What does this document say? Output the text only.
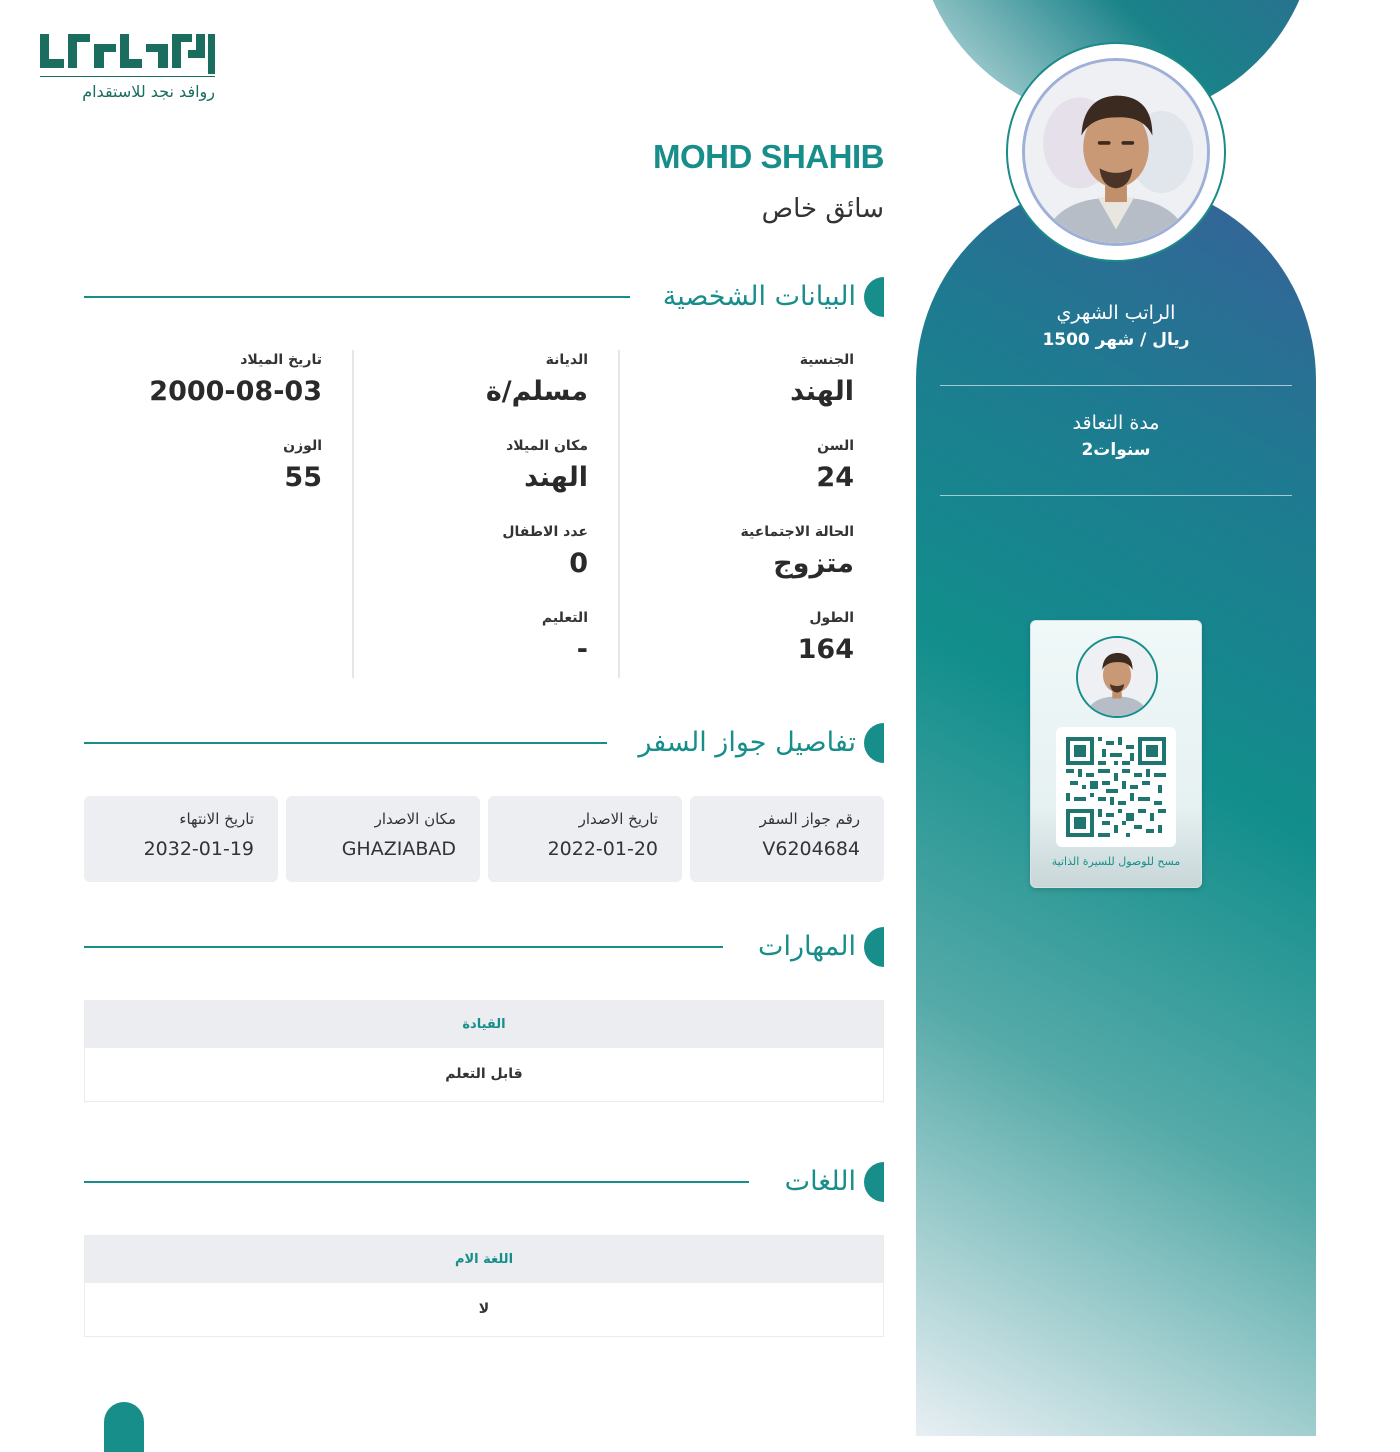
الراتب الشهري
1500 ريال / شهر
مدة التعاقد
2سنوات
مسح للوصول للسيرة الذاتية
روافد نجد للاستقدام
MOHD SHAHIB
سائق خاص
البيانات الشخصية
الجنسية
الهند
السن
24
الحالة الاجتماعية
متزوج
الطول
164
الديانة
مسلم/ة
مكان الميلاد
الهند
عدد الاطفال
0
التعليم
-
تاريخ الميلاد
2000-08-03
الوزن
55
تفاصيل جواز السفر
رقم جواز السفر
V6204684
تاريخ الاصدار
2022-01-20
مكان الاصدار
GHAZIABAD
تاريخ الانتهاء
2032-01-19
المهارات
القيادة
قابل التعلم
اللغات
اللغة الام
لا
